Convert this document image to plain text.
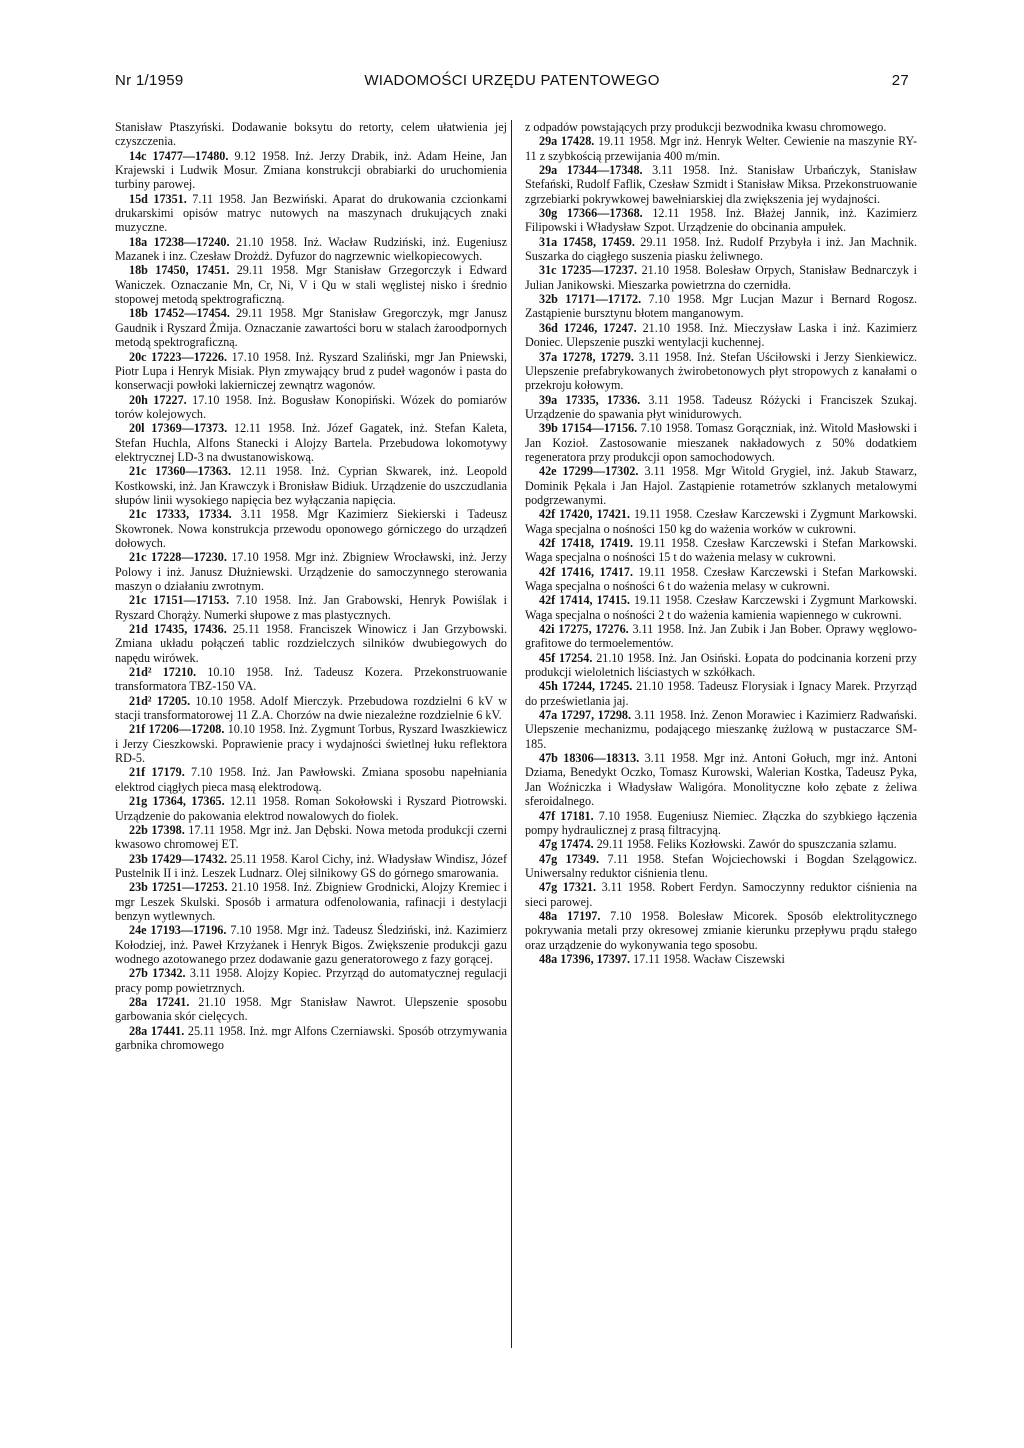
Nr 1/1959	WIADOMOŚCI URZĘDU PATENTOWEGO	27

Stanisław Ptaszyński. Dodawanie boksytu do retorty, celem ułatwienia jej czyszczenia.

14c 17477—17480. 9.12 1958. Inż. Jerzy Drabik, inż. Adam Heine, Jan Krajewski i Ludwik Mosur. Zmiana konstrukcji obrabiarki do uruchomienia turbiny parowej.

15d 17351. 7.11 1958. Jan Bezwiński. Aparat do drukowania czcionkami drukarskimi opisów matryc nutowych na maszynach drukujących znaki muzyczne.

18a 17238—17240. 21.10 1958. Inż. Wacław Rudziński, inż. Eugeniusz Mazanek i inz. Czesław Drożdż. Dyfuzor do nagrzewnic wielkopiecowych.

18b 17450, 17451. 29.11 1958. Mgr Stanisław Grzegorczyk i Edward Waniczek. Oznaczanie Mn, Cr, Ni, V i Qu w stali węglistej nisko i średnio stopowej metodą spektrograficzną.

18b 17452—17454. 29.11 1958. Mgr Stanisław Gregorczyk, mgr Janusz Gaudnik i Ryszard Żmija. Oznaczanie zawartości boru w stalach żaroodpornych metodą spektrograficzną.

20c 17223—17226. 17.10 1958. Inż. Ryszard Szaliński, mgr Jan Pniewski, Piotr Lupa i Henryk Misiak. Płyn zmywający brud z pudeł wagonów i pasta do konserwacji powłoki lakierniczej zewnątrz wagonów.

20h 17227. 17.10 1958. Inż. Bogusław Konopiński. Wózek do pomiarów torów kolejowych.

20l 17369—17373. 12.11 1958. Inż. Józef Gagatek, inż. Stefan Kaleta, Stefan Huchla, Alfons Stanecki i Alojzy Bartela. Przebudowa lokomotywy elektrycznej LD-3 na dwustanowiskową.

21c 17360—17363. 12.11 1958. Inż. Cyprian Skwarek, inż. Leopold Kostkowski, inż. Jan Krawczyk i Bronisław Bidiuk. Urządzenie do uszczudlania słupów linii wysokiego napięcia bez wyłączania napięcia.

21c 17333, 17334. 3.11 1958. Mgr Kazimierz Siekierski i Tadeusz Skowronek. Nowa konstrukcja przewodu oponowego górniczego do urządzeń dołowych.

21c 17228—17230. 17.10 1958. Mgr inż. Zbigniew Wrocławski, inż. Jerzy Polowy i inż. Janusz Dłużniewski. Urządzenie do samoczynnego sterowania maszyn o działaniu zwrotnym.

21c 17151—17153. 7.10 1958. Inż. Jan Grabowski, Henryk Powiślak i Ryszard Chorąży. Numerki słupowe z mas plastycznych.

21d 17435, 17436. 25.11 1958. Franciszek Winowicz i Jan Grzybowski. Zmiana układu połączeń tablic rozdzielczych silników dwubiegowych do napędu wirówek.

21d² 17210. 10.10 1958. Inż. Tadeusz Kozera. Przekonstruowanie transformatora TBZ-150 VA.

21d² 17205. 10.10 1958. Adolf Mierczyk. Przebudowa rozdzielni 6 kV w stacji transformatorowej 11 Z.A. Chorzów na dwie niezależne rozdzielnie 6 kV.

21f 17206—17208. 10.10 1958. Inż. Zygmunt Torbus, Ryszard Iwaszkiewicz i Jerzy Cieszkowski. Poprawienie pracy i wydajności świetlnej łuku reflektora RD-5.

21f 17179. 7.10 1958. Inż. Jan Pawłowski. Zmiana sposobu napełniania elektrod ciągłych pieca masą elektrodową.

21g 17364, 17365. 12.11 1958. Roman Sokołowski i Ryszard Piotrowski. Urządzenie do pakowania elektrod nowalowych do fiolek.

22b 17398. 17.11 1958. Mgr inż. Jan Dębski. Nowa metoda produkcji czerni kwasowo chromowej ET.

23b 17429—17432. 25.11 1958. Karol Cichy, inż. Władysław Windisz, Józef Pustelnik II i inż. Leszek Ludnarz. Olej silnikowy GS do górnego smarowania.

23b 17251—17253. 21.10 1958. Inż. Zbigniew Grodnicki, Alojzy Kremiec i mgr Leszek Skulski. Sposób i armatura odfenolowania, rafinacji i destylacji benzyn wytlewnych.

24e 17193—17196. 7.10 1958. Mgr inż. Tadeusz Śledziński, inż. Kazimierz Kołodziej, inż. Paweł Krzyżanek i Henryk Bigos. Zwiększenie produkcji gazu wodnego azotowanego przez dodawanie gazu generatorowego z fazy gorącej.

27b 17342. 3.11 1958. Alojzy Kopiec. Przyrząd do automatycznej regulacji pracy pomp powietrznych.

28a 17241. 21.10 1958. Mgr Stanisław Nawrot. Ulepszenie sposobu garbowania skór cielęcych.

28a 17441. 25.11 1958. Inż. mgr Alfons Czerniawski. Sposób otrzymywania garbnika chromowego

z odpadów powstających przy produkcji bezwodnika kwasu chromowego.

29a 17428. 19.11 1958. Mgr inż. Henryk Welter. Cewienie na maszynie RY-11 z szybkością przewijania 400 m/min.

29a 17344—17348. 3.11 1958. Inż. Stanisław Urbańczyk, Stanisław Stefański, Rudolf Faflik, Czesław Szmidt i Stanisław Miksa. Przekonstruowanie zgrzebiarki pokrywkowej bawełniarskiej dla zwiększenia jej wydajności.

30g 17366—17368. 12.11 1958. Inż. Błażej Jannik, inż. Kazimierz Filipowski i Władysław Szpot. Urządzenie do obcinania ampułek.

31a 17458, 17459. 29.11 1958. Inż. Rudolf Przybyła i inż. Jan Machnik. Suszarka do ciągłego suszenia piasku żeliwnego.

31c 17235—17237. 21.10 1958. Bolesław Orpych, Stanisław Bednarczyk i Julian Janikowski. Mieszarka powietrzna do czernidła.

32b 17171—17172. 7.10 1958. Mgr Lucjan Mazur i Bernard Rogosz. Zastąpienie bursztynu błotem manganowym.

36d 17246, 17247. 21.10 1958. Inż. Mieczysław Laska i inż. Kazimierz Doniec. Ulepszenie puszki wentylacji kuchennej.

37a 17278, 17279. 3.11 1958. Inż. Stefan Uściłowski i Jerzy Sienkiewicz. Ulepszenie prefabrykowanych żwirobetonowych płyt stropowych z kanałami o przekroju kołowym.

39a 17335, 17336. 3.11 1958. Tadeusz Różycki i Franciszek Szukaj. Urządzenie do spawania płyt winidurowych.

39b 17154—17156. 7.10 1958. Tomasz Gorączniak, inż. Witold Masłowski i Jan Kozioł. Zastosowanie mieszanek nakładowych z 50% dodatkiem regeneratora przy produkcji opon samochodowych.

42e 17299—17302. 3.11 1958. Mgr Witold Grygiel, inż. Jakub Stawarz, Dominik Pękala i Jan Hajol. Zastąpienie rotametrów szklanych metalowymi podgrzewanymi.

42f 17420, 17421. 19.11 1958. Czesław Karczewski i Zygmunt Markowski. Waga specjalna o nośności 150 kg do ważenia worków w cukrowni.

42f 17418, 17419. 19.11 1958. Czesław Karczewski i Stefan Markowski. Waga specjalna o nośności 15 t do ważenia melasy w cukrowni.

42f 17416, 17417. 19.11 1958. Czesław Karczewski i Stefan Markowski. Waga specjalna o nośności 6 t do ważenia melasy w cukrowni.

42f 17414, 17415. 19.11 1958. Czesław Karczewski i Zygmunt Markowski. Waga specjalna o nośności 2 t do ważenia kamienia wapiennego w cukrowni.

42i 17275, 17276. 3.11 1958. Inż. Jan Zubik i Jan Bober. Oprawy węglowo-grafitowe do termoelementów.

45f 17254. 21.10 1958. Inż. Jan Osiński. Łopata do podcinania korzeni przy produkcji wieloletnich liściastych w szkółkach.

45h 17244, 17245. 21.10 1958. Tadeusz Florysiak i Ignacy Marek. Przyrząd do prześwietlania jaj.

47a 17297, 17298. 3.11 1958. Inż. Zenon Morawiec i Kazimierz Radwański. Ulepszenie mechanizmu, podającego mieszankę żużlową w pustaczarce SM-185.

47b 18306—18313. 3.11 1958. Mgr inż. Antoni Gołuch, mgr inż. Antoni Dziama, Benedykt Oczko, Tomasz Kurowski, Walerian Kostka, Tadeusz Pyka, Jan Woźniczka i Władysław Waligóra. Monolityczne koło zębate z żeliwa sferoidalnego.

47f 17181. 7.10 1958. Eugeniusz Niemiec. Złączka do szybkiego łączenia pompy hydraulicznej z prasą filtracyjną.

47g 17474. 29.11 1958. Feliks Kozłowski. Zawór do spuszczania szlamu.

47g 17349. 7.11 1958. Stefan Wojciechowski i Bogdan Szelągowicz. Uniwersalny reduktor ciśnienia tlenu.

47g 17321. 3.11 1958. Robert Ferdyn. Samoczynny reduktor ciśnienia na sieci parowej.

48a 17197. 7.10 1958. Bolesław Micorek. Sposób elektrolitycznego pokrywania metali przy okresowej zmianie kierunku przepływu prądu stałego oraz urządzenie do wykonywania tego sposobu.

48a 17396, 17397. 17.11 1958. Wacław Ciszewski
